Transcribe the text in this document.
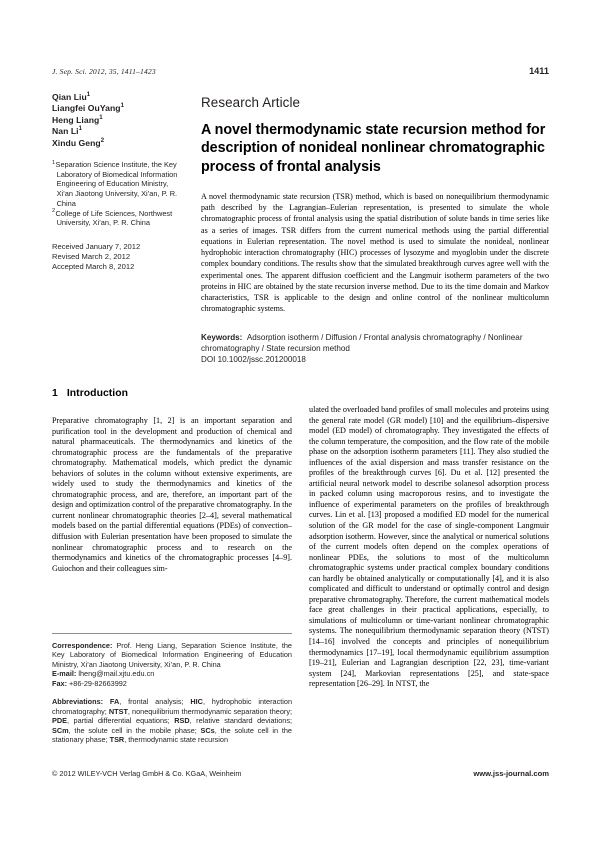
J. Sep. Sci. 2012, 35, 1411–1423	1411
Qian Liu$^1$
Liangfei OuYang$^1$
Heng Liang$^1$
Nan Li$^1$
Xindu Geng$^2$
$^1$Separation Science Institute, the Key Laboratory of Biomedical Information Engineering of Education Ministry, Xi’an Jiaotong University, Xi’an, P. R. China
$^2$College of Life Sciences, Northwest University, Xi’an, P. R. China
Received January 7, 2012
Revised March 2, 2012
Accepted March 8, 2012
Research Article
A novel thermodynamic state recursion method for description of nonideal nonlinear chromatographic process of frontal analysis

A novel thermodynamic state recursion (TSR) method, which is based on nonequilibrium thermodynamic path described by the Lagrangian–Eulerian representation, is presented to simulate the whole chromatographic process of frontal analysis using the spatial distribution of solute bands in time series like as a series of images. TSR differs from the current numerical methods using the partial differential equations in Eulerian representation. The novel method is used to simulate the nonideal, nonlinear hydrophobic interaction chromatography (HIC) processes of lysozyme and myoglobin under the discrete complex boundary conditions. The results show that the simulated breakthrough curves agree well with the experimental ones. The apparent diffusion coefficient and the Langmuir isotherm parameters of the two proteins in HIC are obtained by the state recursion inverse method. Due to its the time domain and Markov characteristics, TSR is applicable to the design and online control of the nonlinear multicolumn chromatographic systems.

Keywords: Adsorption isotherm / Diffusion / Frontal analysis chromatography / Nonlinear chromatography / State recursion method
DOI 10.1002/jssc.201200018
1 Introduction

Preparative chromatography [1, 2] is an important separation and purification tool in the development and production of chemical and natural pharmaceuticals. The thermodynamics and kinetics of the chromatographic process are the fundamentals of the preparative chromatography. Mathematical models, which predict the dynamic behaviors of solutes in the column without extensive experiments, are widely used to study the thermodynamics and kinetics of the chromatographic process, and are, therefore, an important part of the design and optimization control of the preparative chromatography. In the current nonlinear chromatographic theories [2–4], several mathematical models based on the partial differential equations (PDEs) of convection–diffusion with Eulerian presentation have been proposed to simulate the nonlinear chromatographic process and to research on the thermodynamics and kinetics of the chromatographic processes [4–9]. Guiochon and their colleagues sim-

ulated the overloaded band profiles of small molecules and proteins using the general rate model (GR model) [10] and the equilibrium–dispersive model (ED model) of chromatography. They investigated the effects of the column temperature, the composition, and the flow rate of the mobile phase on the adsorption isotherm parameters [11]. They also studied the influences of the axial dispersion and mass transfer resistance on the profiles of the breakthrough curves [6]. Du et al. [12] presented the artificial neural network model to describe solanesol adsorption process in packed column using macroporous resins, and to investigate the influence of experimental parameters on the profiles of breakthrough curves. Lin et al. [13] proposed a modified ED model for the numerical solution of the GR model for the case of single-component Langmuir adsorption isotherm. However, since the analytical or numerical solutions of the current models often depend on the complex operations of nonlinear PDEs, the solutions to most of the multicolumn chromatographic systems under practical complex boundary conditions can hardly be obtained analytically or computationally [4], and it is also complicated and difficult to understand or optimally control and design preparative chromatography. Therefore, the current mathematical models face great challenges in their practical applications, especially, to simulations of multicolumn or time-variant nonlinear chromatographic systems. The nonequilibrium thermodynamic separation theory (NTST) [14–16] involved the concepts and principles of nonequilibrium thermodynamics [17–19], local thermodynamic equilibrium assumption [19–21], Eulerian and Lagrangian description [22, 23], time-variant system [24], Markovian representations [25], and state-space representation [26–29]. In NTST, the

Correspondence: Prof. Heng Liang, Separation Science Institute, the Key Laboratory of Biomedical Information Engineering of Education Ministry, Xi’an Jiaotong University, Xi’an, P. R. China
E-mail: lheng@mail.xjtu.edu.cn
Fax: +86-29-82663992
Abbreviations: FA, frontal analysis; HIC, hydrophobic interaction chromatography; NTST, nonequilibrium thermodynamic separation theory; PDE, partial differential equations; RSD, relative standard deviations; SCm, the solute cell in the mobile phase; SCs, the solute cell in the stationary phase; TSR, thermodynamic state recursion
© 2012 WILEY-VCH Verlag GmbH & Co. KGaA, Weinheim	www.jss-journal.com
